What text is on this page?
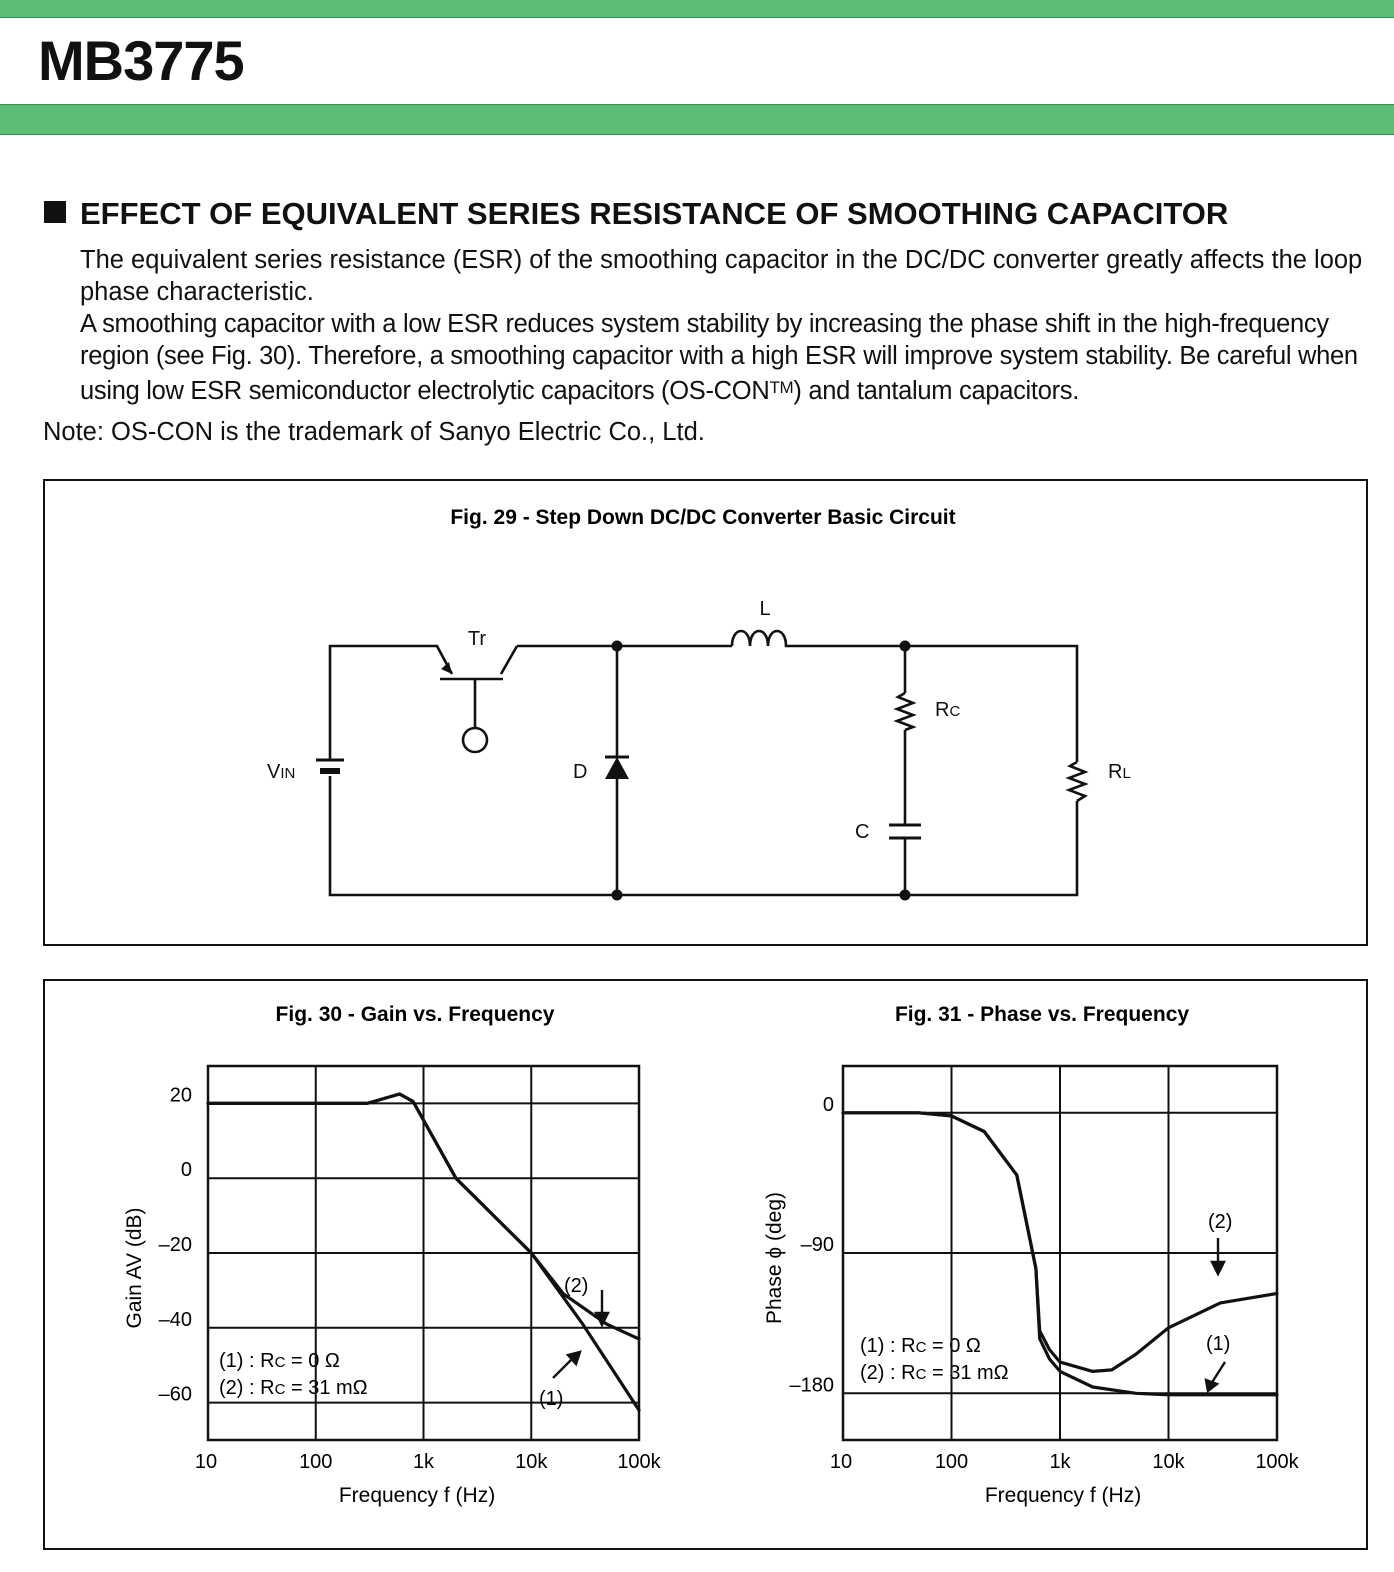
MB3775
EFFECT OF EQUIVALENT SERIES RESISTANCE OF SMOOTHING CAPACITOR
The equivalent series resistance (ESR) of the smoothing capacitor in the DC/DC converter greatly affects the loop phase characteristic.
A smoothing capacitor with a low ESR reduces system stability by increasing the phase shift in the high-frequency region (see Fig. 30). Therefore, a smoothing capacitor with a high ESR will improve system stability. Be careful when using low ESR semiconductor electrolytic capacitors (OS-CON™) and tantalum capacitors.
Note: OS-CON is the trademark of Sanyo Electric Co., Ltd.
Fig. 29 - Step Down DC/DC Converter Basic Circuit
Tr
L
RC
RL
VIN	D
C
Fig. 30 - Gain vs. Frequency
Frequency f (Hz)
Gain AV (dB)
(1) : RC = 0 Ω
(2) : RC = 31 mΩ
(2)
(1)
10	100	1k	10k	100k
20
0
–20
–40
–60
Fig. 31 - Phase vs. Frequency
Frequency f (Hz)
Phase ϕ (deg)
(1) : RC = 0 Ω
(2) : RC = 31 mΩ
(2)
(1)
10	100	1k	10k	100k
0
–90
–180
